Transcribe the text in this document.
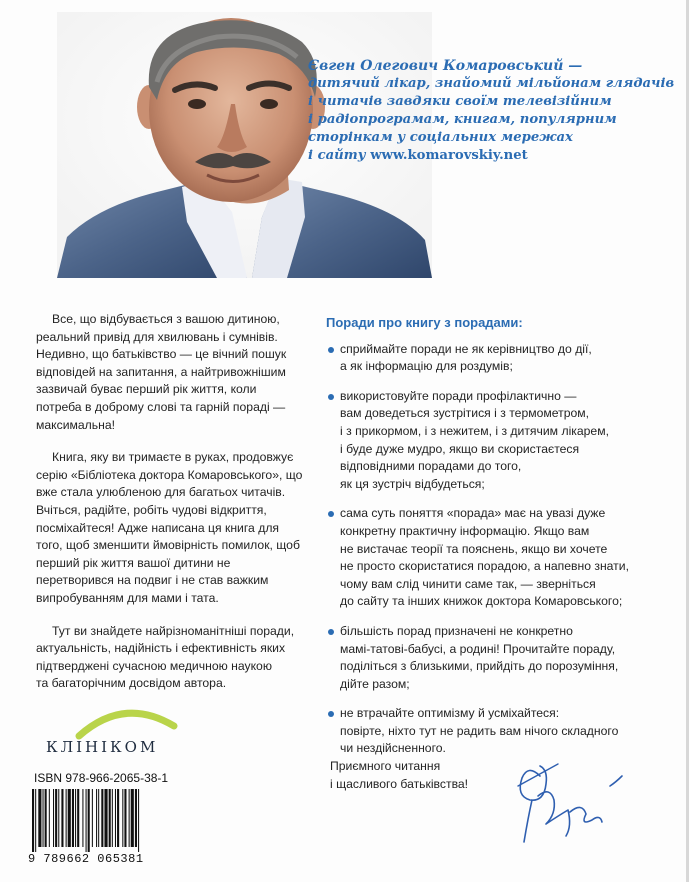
Євген Олегович Комаровський —
дитячий лікар, знайомий мільйонам глядачів
і читачів завдяки своїм телевізійним
і радіопрограмам, книгам, популярним
сторінкам у соціальних мережах
і сайту www.komarovskiy.net
Все, що відбувається з вашою дитиною,
реальний привід для хвилювань і сумнівів.
Недивно, що батьківство — це вічний пошук
відповідей на запитання, а найтривожнішим
зазвичай буває перший рік життя, коли
потреба в доброму слові та гарній пораді —
максимальна!
Книга, яку ви тримаєте в руках, продовжує
серію «Бібліотека доктора Комаровського», що
вже стала улюбленою для багатьох читачів.
Вчіться, радійте, робіть чудові відкриття,
посміхайтеся! Адже написана ця книга для
того, щоб зменшити ймовірність помилок, щоб
перший рік життя вашої дитини не
перетворився на подвиг і не став важким
випробуванням для мами і тата.
Тут ви знайдете найрізноманітніші поради,
актуальність, надійність і ефективність яких
підтверджені сучасною медичною наукою
та багаторічним досвідом автора.
Поради про книгу з порадами:
сприймайте поради не як керівництво до дії,
а як інформацію для роздумів;
використовуйте поради профілактично —
вам доведеться зустрітися і з термометром,
і з прикормом, і з нежитем, і з дитячим лікарем,
і буде дуже мудро, якщо ви скористаєтеся
відповідними порадами до того,
як ця зустріч відбудеться;
сама суть поняття «порада» має на увазі дуже
конкретну практичну інформацію. Якщо вам
не вистачає теорії та пояснень, якщо ви хочете
не просто скористатися порадою, а напевно знати,
чому вам слід чинити саме так, — зверніться
до сайту та інших книжок доктора Комаровського;
більшість порад призначені не конкретно
мамі-татові-бабусі, а родині! Прочитайте пораду,
поділіться з близькими, прийдіть до порозуміння,
дійте разом;
не втрачайте оптимізму й усміхайтеся:
повірте, ніхто тут не радить вам нічого складного
чи нездійсненного.
Приємного читання
і щасливого батьківства!
КЛІНІКОМ
ISBN 978-966-2065-38-1
9 789662 065381
